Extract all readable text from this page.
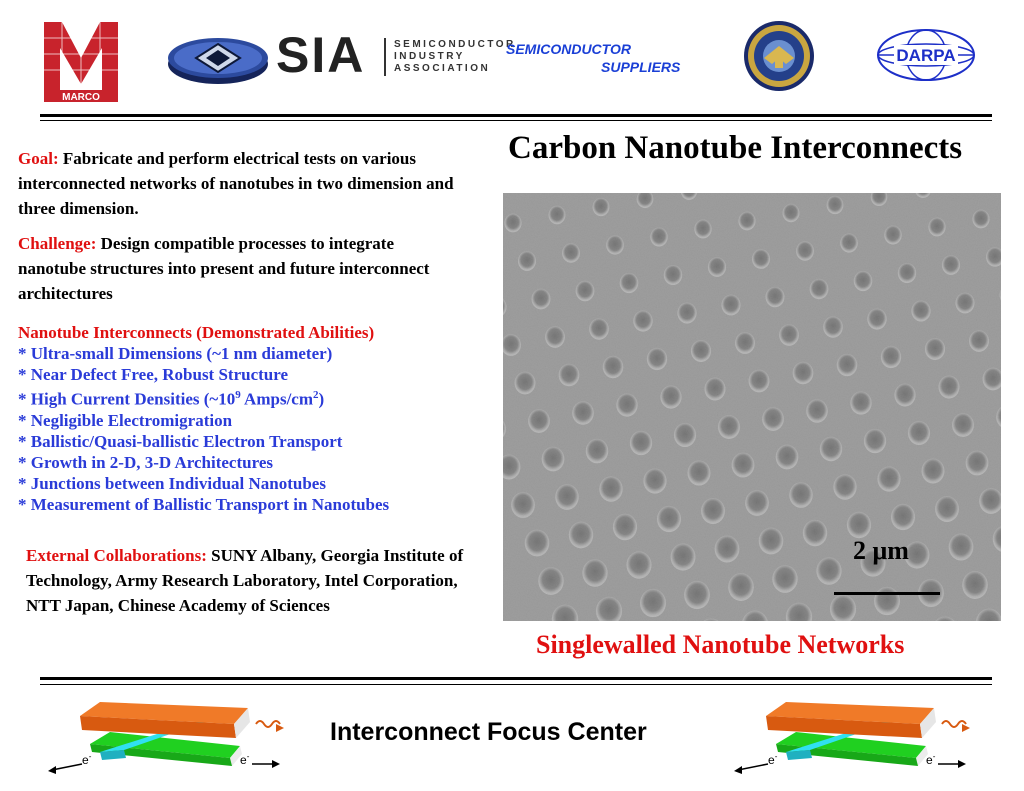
MARCO
SIA	SEMICONDUCTOR
INDUSTRY
ASSOCIATION
SEMICONDUCTOR
SUPPLIERS
DARPA
Carbon Nanotube Interconnects
Goal: Fabricate and perform electrical tests on various interconnected networks of nanotubes in two dimension and three dimension.
Challenge: Design compatible processes to integrate nanotube structures into present and future interconnect architectures
Nanotube Interconnects (Demonstrated Abilities)
* Ultra-small Dimensions (~1 nm diameter)
* Near Defect Free, Robust Structure
* High Current Densities ($\sim 10^9$ Amps/$cm^2$)
* Negligible Electromigration
* Ballistic/Quasi-ballistic Electron Transport
* Growth in 2-D, 3-D Architectures
* Junctions between Individual Nanotubes
* Measurement of Ballistic Transport in Nanotubes
External Collaborations: SUNY Albany, Georgia Institute of Technology, Army Research Laboratory, Intel Corporation, NTT Japan, Chinese Academy of Sciences
2 μm
Singlewalled Nanotube Networks
e-	e-
Interconnect Focus Center
e-	e-
